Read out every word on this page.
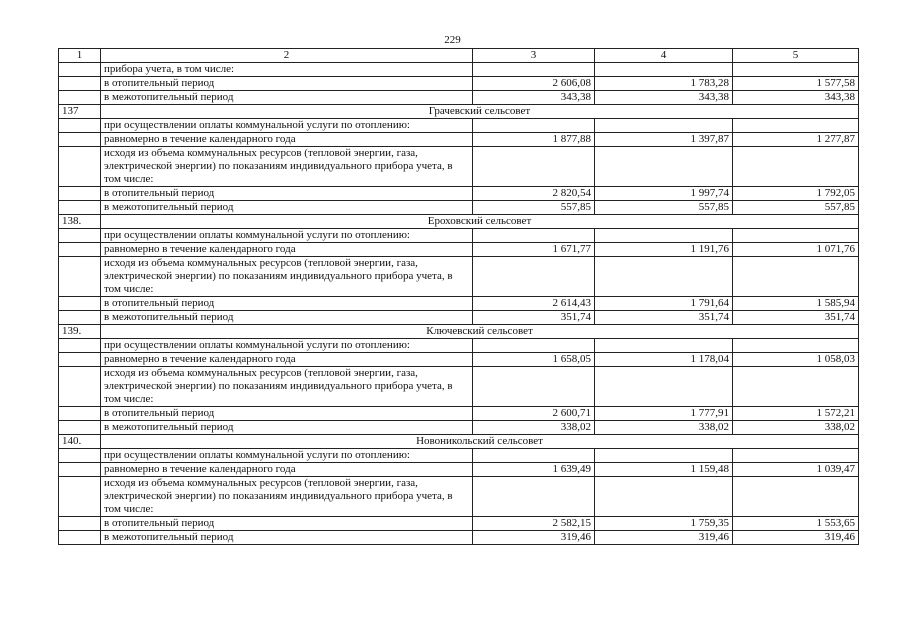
229
1	2	3	4	5
	прибора учета, в том числе:			
	в отопительный период	2 606,08	1 783,28	1 577,58
	в межотопительный период	343,38	343,38	343,38
137	Грачевский сельсовет			
	при осуществлении оплаты коммунальной услуги по отоплению:			
	равномерно в течение календарного года	1 877,88	1 397,87	1 277,87
	исходя из объема коммунальных ресурсов (тепловой энергии, газа, электрической энергии) по показаниям индивидуального прибора учета, в том числе:			
	в отопительный период	2 820,54	1 997,74	1 792,05
	в межотопительный период	557,85	557,85	557,85
138.	Ероховский сельсовет			
	при осуществлении оплаты коммунальной услуги по отоплению:			
	равномерно в течение календарного года	1 671,77	1 191,76	1 071,76
	исходя из объема коммунальных ресурсов (тепловой энергии, газа, электрической энергии) по показаниям индивидуального прибора учета, в том числе:			
	в отопительный период	2 614,43	1 791,64	1 585,94
	в межотопительный период	351,74	351,74	351,74
139.	Ключевский сельсовет			
	при осуществлении оплаты коммунальной услуги по отоплению:			
	равномерно в течение календарного года	1 658,05	1 178,04	1 058,03
	исходя из объема коммунальных ресурсов (тепловой энергии, газа, электрической энергии) по показаниям индивидуального прибора учета, в том числе:			
	в отопительный период	2 600,71	1 777,91	1 572,21
	в межотопительный период	338,02	338,02	338,02
140.	Новоникольский сельсовет			
	при осуществлении оплаты коммунальной услуги по отоплению:			
	равномерно в течение календарного года	1 639,49	1 159,48	1 039,47
	исходя из объема коммунальных ресурсов (тепловой энергии, газа, электрической энергии) по показаниям индивидуального прибора учета, в том числе:			
	в отопительный период	2 582,15	1 759,35	1 553,65
	в межотопительный период	319,46	319,46	319,46
